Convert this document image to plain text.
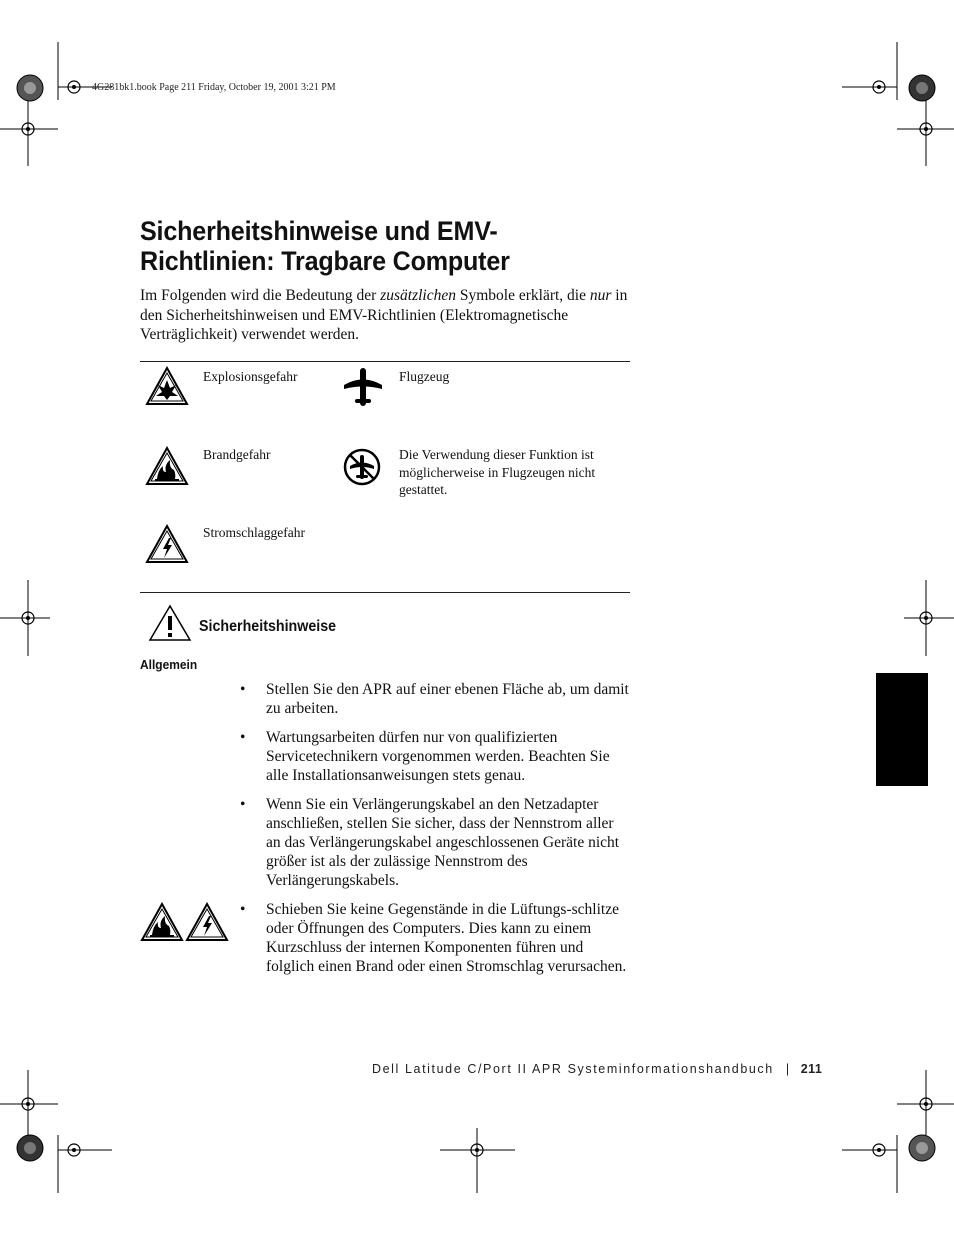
4G281bk1.book Page 211 Friday, October 19, 2001 3:21 PM
Sicherheitshinweise und EMV-
Richtlinien: Tragbare Computer

Im Folgenden wird die Bedeutung der zusätzlichen Symbole erklärt, die nur in den Sicherheitshinweisen und EMV-Richtlinien (Elektromagnetische Verträglichkeit) verwendet werden.

Explosionsgefahr	Flugzeug
Brandgefahr	Die Verwendung dieser Funktion ist möglicherweise in Flugzeugen nicht gestattet.
Stromschlaggefahr
Sicherheitshinweise
Allgemein
• Stellen Sie den APR auf einer ebenen Fläche ab, um damit zu arbeiten.
• Wartungsarbeiten dürfen nur von qualifizierten Servicetechnikern vorgenommen werden. Beachten Sie alle Installationsanweisungen stets genau.
• Wenn Sie ein Verlängerungskabel an den Netzadapter anschließen, stellen Sie sicher, dass der Nennstrom aller an das Verlängerungskabel angeschlossenen Geräte nicht größer ist als der zulässige Nennstrom des Verlängerungskabels.
• Schieben Sie keine Gegenstände in die Lüftungs-schlitze oder Öffnungen des Computers. Dies kann zu einem Kurzschluss der internen Komponenten führen und folglich einen Brand oder einen Stromschlag verursachen.
Dell Latitude C/Port II APR Systeminformationshandbuch | 211
